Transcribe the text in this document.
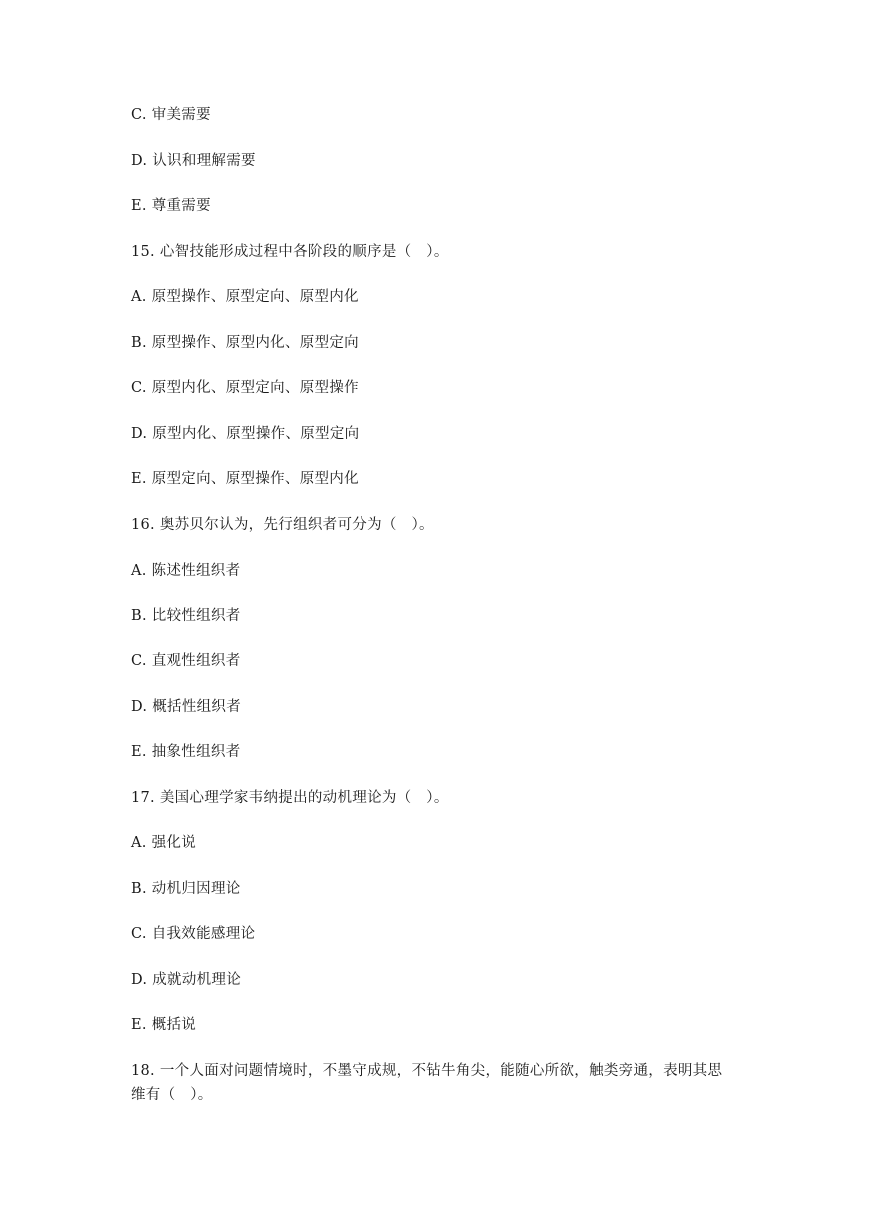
C. 审美需要
D. 认识和理解需要
E. 尊重需要
15. 心智技能形成过程中各阶段的顺序是（　）。
A. 原型操作、原型定向、原型内化
B. 原型操作、原型内化、原型定向
C. 原型内化、原型定向、原型操作
D. 原型内化、原型操作、原型定向
E. 原型定向、原型操作、原型内化
16. 奥苏贝尔认为，先行组织者可分为（　）。
A. 陈述性组织者
B. 比较性组织者
C. 直观性组织者
D. 概括性组织者
E. 抽象性组织者
17. 美国心理学家韦纳提出的动机理论为（　）。
A. 强化说
B. 动机归因理论
C. 自我效能感理论
D. 成就动机理论
E. 概括说
18. 一个人面对问题情境时，不墨守成规，不钻牛角尖，能随心所欲，触类旁通，表明其思
维有（　）。
